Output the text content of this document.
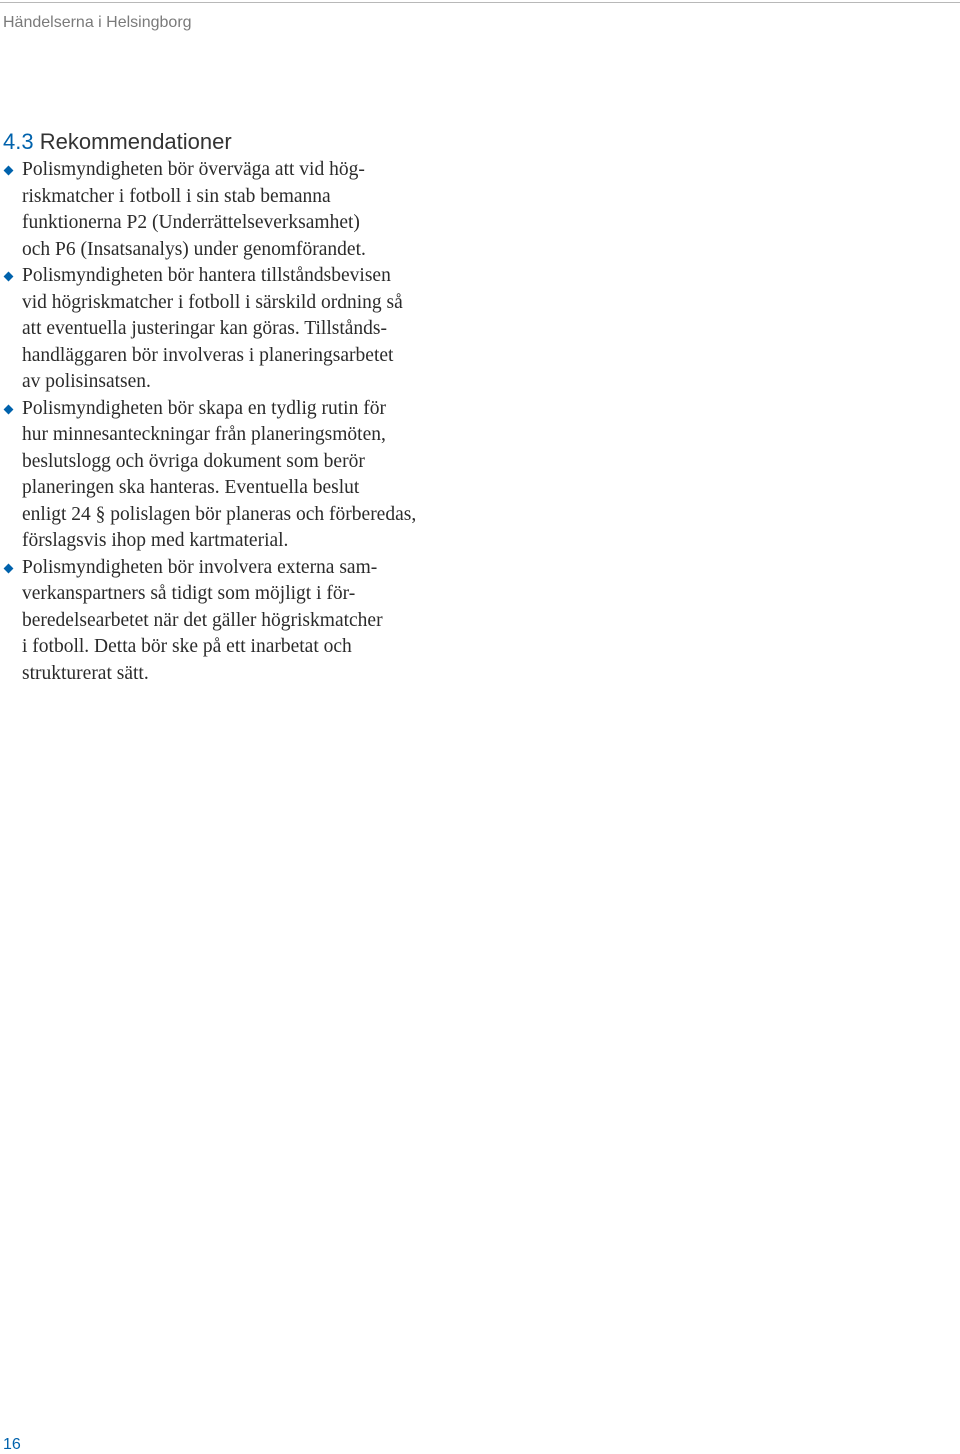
Händelserna i Helsingborg
4.3 Rekommendationer
Polismyndigheten bör överväga att vid hög-
riskmatcher i fotboll i sin stab bemanna
funktionerna P2 (Underrättelseverksamhet)
och P6 (Insatsanalys) under genomförandet.
Polismyndigheten bör hantera tillståndsbevisen
vid högriskmatcher i fotboll i särskild ordning så
att eventuella justeringar kan göras. Tillstånds-
handläggaren bör involveras i planeringsarbetet
av polisinsatsen.
Polismyndigheten bör skapa en tydlig rutin för
hur minnesanteckningar från planeringsmöten,
beslutslogg och övriga dokument som berör
planeringen ska hanteras. Eventuella beslut
enligt 24 § polislagen bör planeras och förberedas,
förslagsvis ihop med kartmaterial.
Polismyndigheten bör involvera externa sam-
verkanspartners så tidigt som möjligt i för-
beredelsearbetet när det gäller högriskmatcher
i fotboll. Detta bör ske på ett inarbetat och
strukturerat sätt.
16
